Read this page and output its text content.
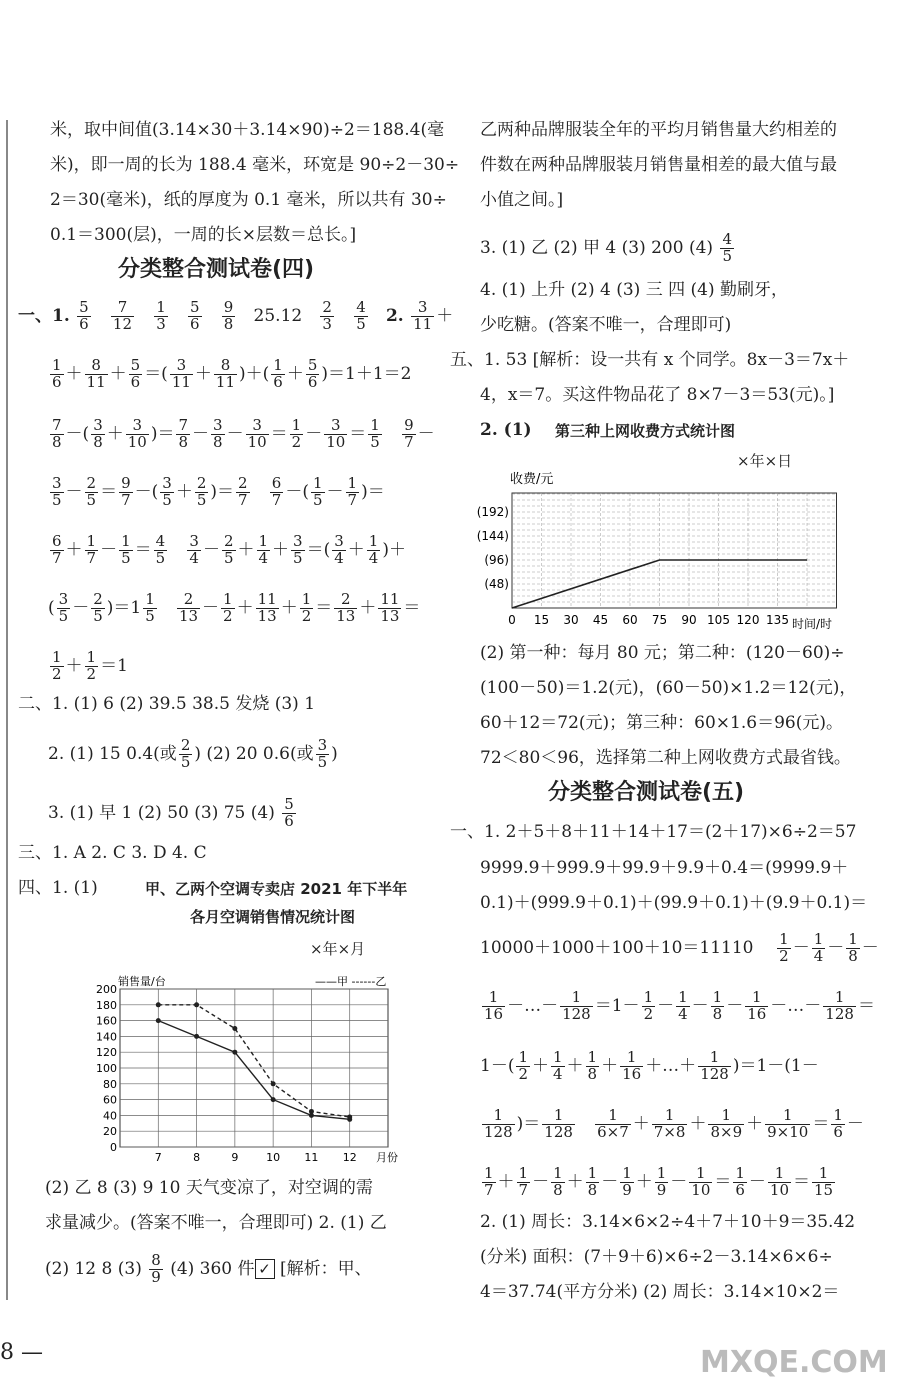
米，取中间值(3.14×30＋3.14×90)÷2＝188.4(毫
米)，即一周的长为 188.4 毫米，环宽是 90÷2－30÷
2＝30(毫米)，纸的厚度为 0.1 毫米，所以共有 30÷
0.1＝300(层)，一周的长×层数＝总长。]
分类整合测试卷(四)
一、1. $\frac{5}{6}$
$\frac{7}{12}$
$\frac{1}{3}$
$\frac{5}{6}$
$\frac{9}{8} 25.12 \frac{2}{3}$
$\frac{4}{5} 2$. $\frac{3}{11}$ ＋
$\frac{1}{6} + \frac{8}{11} + \frac{5}{6}$ ＝( $\frac{3}{11} + \frac{8}{11}$ )＋( $\frac{1}{6} + \frac{5}{6} )=1+1=2$
$\frac{7}{8}$ －( $\frac{3}{8} + \frac{3}{10}$ )＝ $\frac{7}{8} - \frac{3}{8} - \frac{3}{10} = \frac{1}{2} - \frac{3}{10} = \frac{1}{5}$
$\frac{9}{7}$ －
$\frac{3}{5} - \frac{2}{5} = \frac{9}{7}$ －( $\frac{3}{5} + \frac{2}{5}$ )＝ $\frac{2}{7}$
$\frac{6}{7}$ －( $\frac{1}{5} - \frac{1}{7}$ )＝
$\frac{6}{7} + \frac{1}{7} - \frac{1}{5} = \frac{4}{5}$
$\frac{3}{4} - \frac{2}{5} + \frac{1}{4} + \frac{3}{5}$ ＝( $\frac{3}{4} + \frac{1}{4}$ )＋
( $\frac{3}{5} - \frac{2}{5} )=1 \frac{1}{5}$
$\frac{2}{13} - \frac{1}{2} + \frac{11}{13} + \frac{1}{2} = \frac{2}{13} + \frac{11}{13}$ ＝
$\frac{1}{2} + \frac{1}{2} =1$
二、1. (1) 6 (2) 39.5 38.5 发烧 (3) 1
2. (1) 15 0.4(或 $\frac{2}{5}$ ) (2) 20 0.6(或 $\frac{3}{5}$ )
3. (1) 早 1 (2) 50 (3) 75 $(4) \frac{5}{6}$
三、1. A 2. C 3. D 4. C
四、1. (1)	甲、乙两个空调专卖店 2021 年下半年
各月空调销售情况统计图
×年×月
销售量/台	——甲 ------乙
月份
0
20
40
60
80
100
120
140
160
180
200
7	8	9	10 11 12
(2) 乙 8 (3) 9 10 天气变凉了，对空调的需
求量减少。(答案不唯一，合理即可) 2. (1) 乙
(2) 12 8 $(3) \frac{8}{9} (4)$ 360 件 ✓ [解析：甲、
8 —
乙两种品牌服装全年的平均月销售量大约相差的
件数在两种品牌服装月销售量相差的最大值与最
小值之间。]
3. (1) 乙 (2) 甲 4 (3) 200 $(4) \frac{4}{5}$
4. (1) 上升 (2) 4 (3) 三 四 (4) 勤刷牙，
少吃糖。(答案不唯一，合理即可)
五、1. 53 [解析：设一共有 x 个同学。8x－3＝7x＋
4，x＝7。买这件物品花了 8×7－3＝53(元)。]
2. (1) 第三种上网收费方式统计图
×年×日
收费/元
时间/时
(48)
(96)
(144)
(192)
0 15 30 45 60 75 90 105 120 135
(2) 第一种：每月 80 元；第二种：(120－60)÷
(100－50)＝1.2(元)，(60－50)×1.2＝12(元)，
60＋12＝72(元)；第三种：60×1.6＝96(元)。
72＜80＜96，选择第二种上网收费方式最省钱。
分类整合测试卷(五)
一、1. 2＋5＋8＋11＋14＋17＝(2＋17)×6÷2＝57
9999.9＋999.9＋99.9＋9.9＋0.4＝(9999.9＋
0.1)＋(999.9＋0.1)＋(99.9＋0.1)＋(9.9＋0.1)＝
$10000+1000+100+10=11110 \frac{1}{2} - \frac{1}{4} - \frac{1}{8}$ －
$\frac{1}{16}$ －…－ $\frac{1}{128} =1- \frac{1}{2} - \frac{1}{4} - \frac{1}{8} - \frac{1}{16}$ －…－ $\frac{1}{128}$ ＝
$1-( \frac{1}{2} + \frac{1}{4} + \frac{1}{8} + \frac{1}{16}$ ＋…＋ $\frac{1}{128} )=1-(1-$
$\frac{1}{128}$ )＝ $\frac{1}{128}$
$\frac{1}{6\times 7} + \frac{1}{7\times 8} + \frac{1}{8\times 9} + \frac{1}{9\times 10} = \frac{1}{6}$ －
$\frac{1}{7} + \frac{1}{7} - \frac{1}{8} + \frac{1}{8} - \frac{1}{9} + \frac{1}{9} - \frac{1}{10} = \frac{1}{6} - \frac{1}{10} = \frac{1}{15}$
2. (1) 周长：3.14×6×2÷4＋7＋10＋9＝35.42
(分米) 面积：(7＋9＋6)×6÷2－3.14×6×6÷
4＝37.74(平方分米) (2) 周长：3.14×10×2＝
MXQE.COM
